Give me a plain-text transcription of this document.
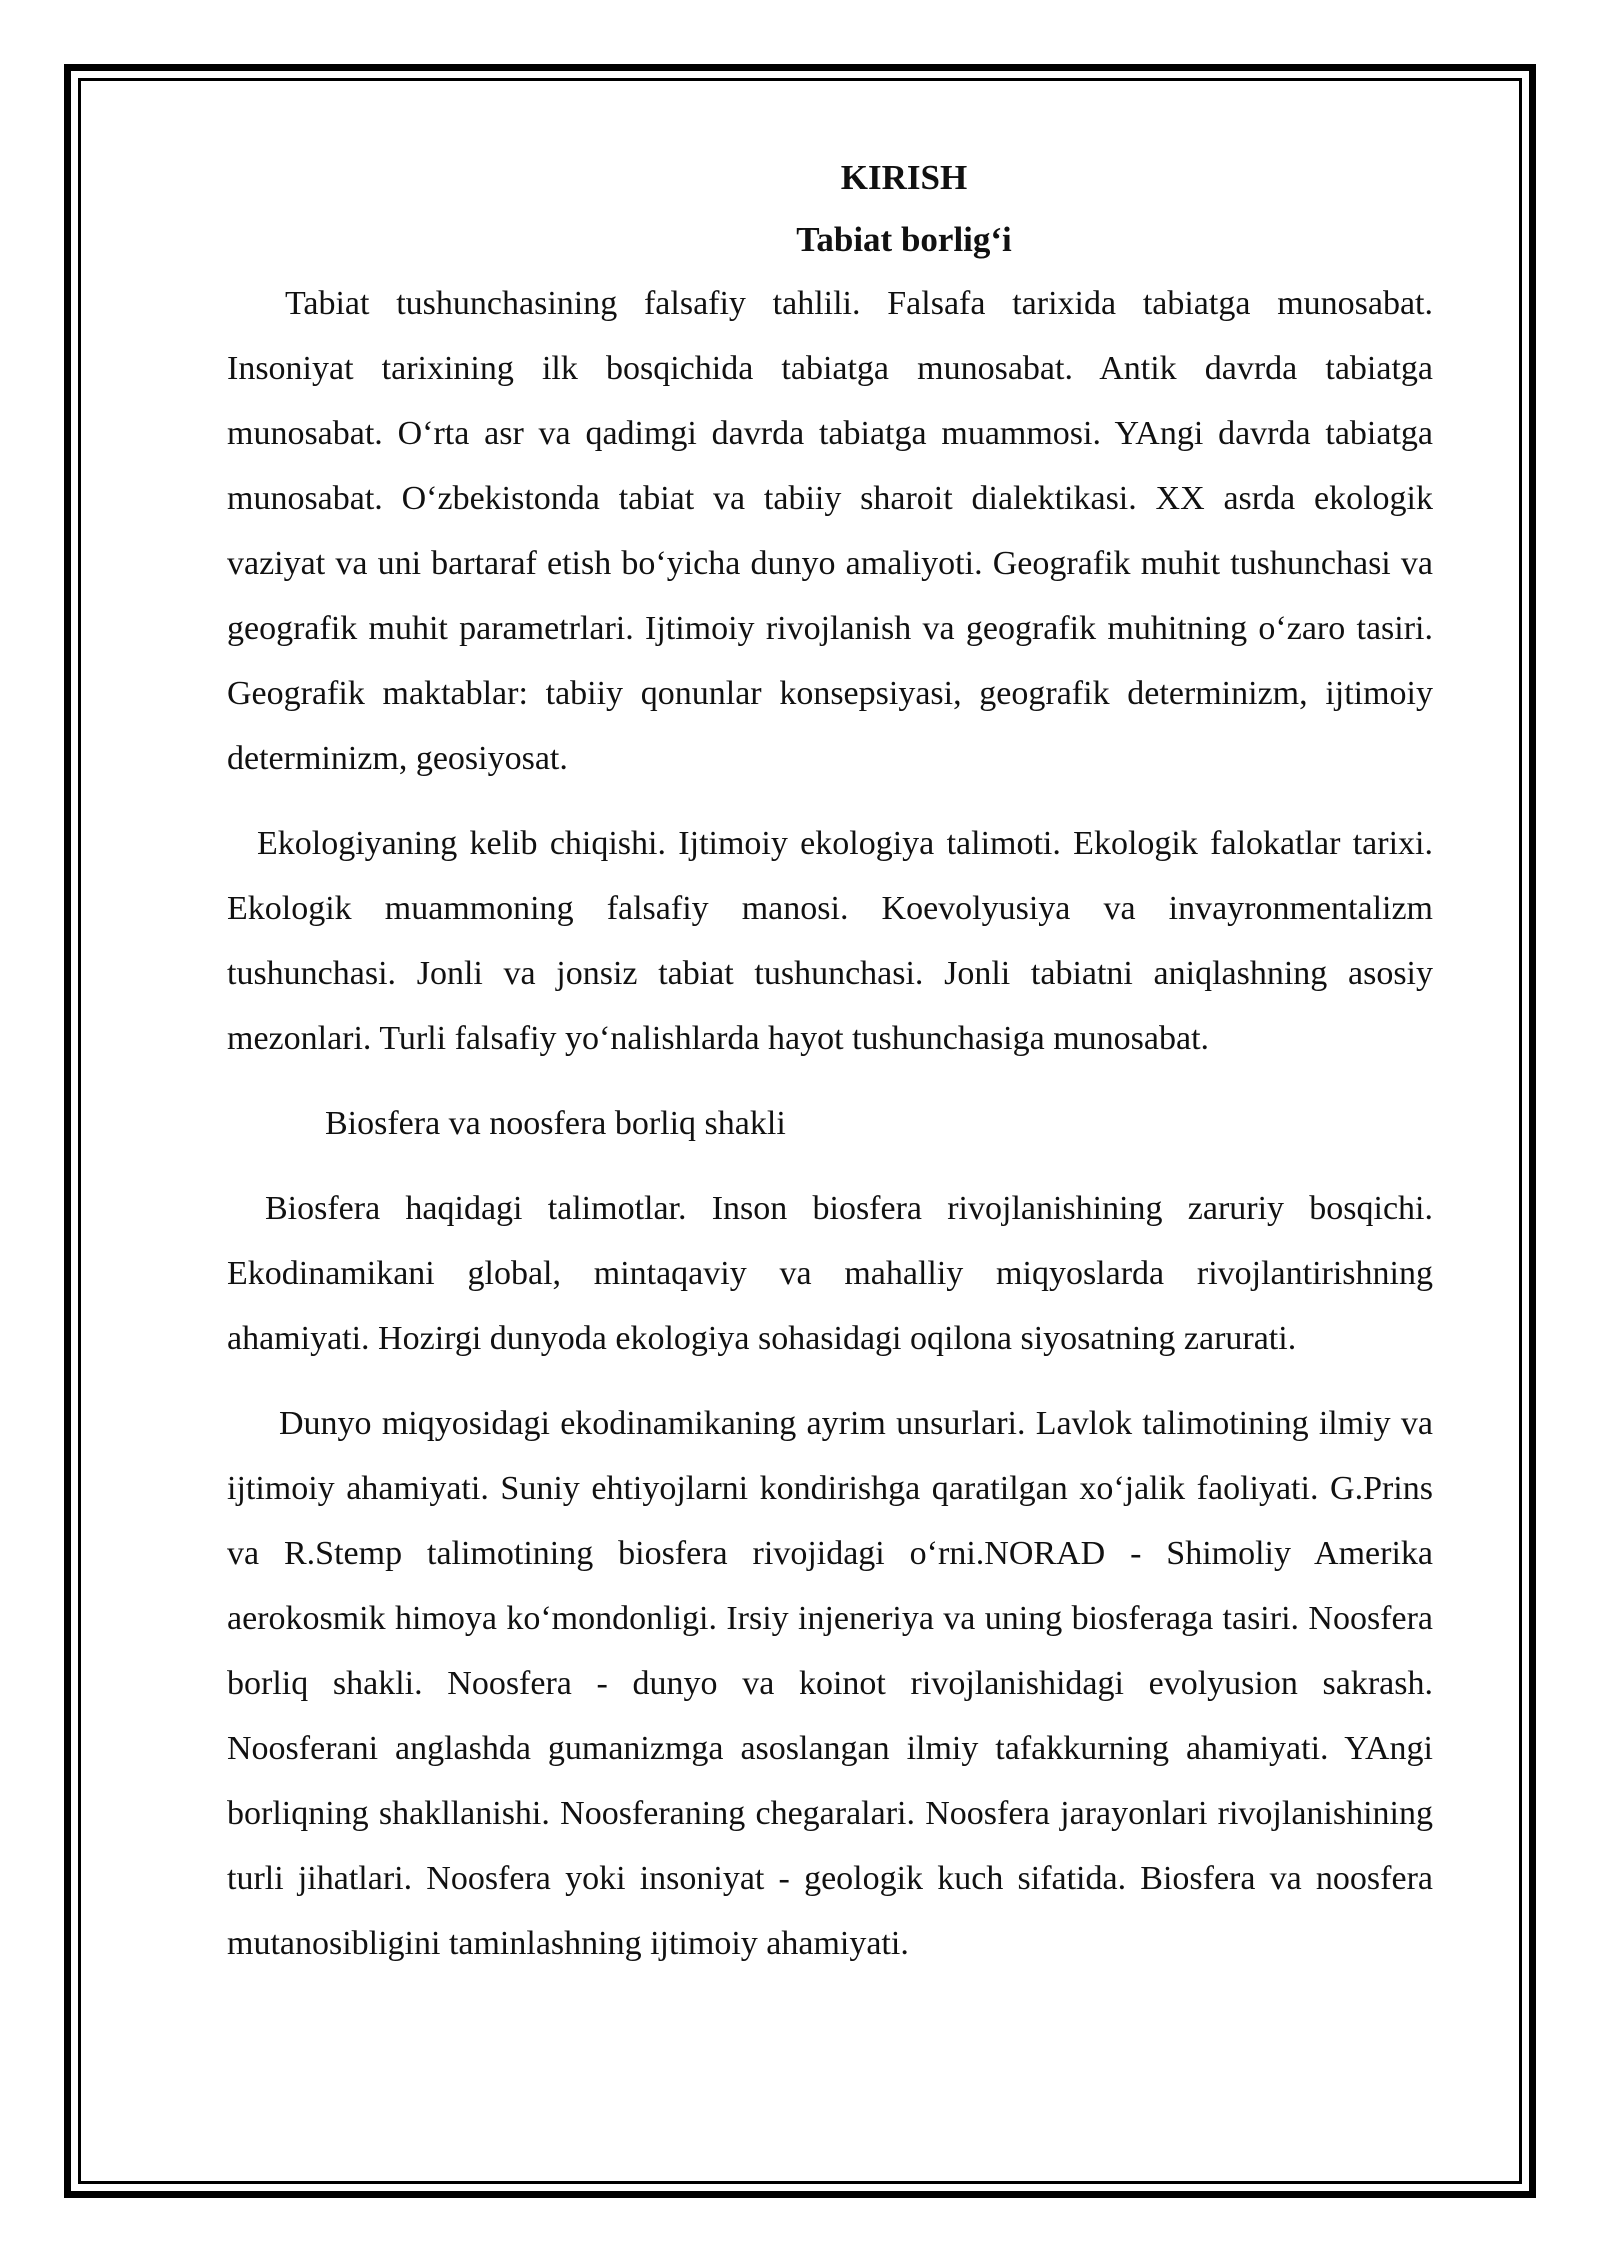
KIRISH
Tabiat borlig‘i

Tabiat tushunchasining falsafiy tahlili. Falsafa tarixida tabiatga munosabat. Insoniyat tarixining ilk bosqichida tabiatga munosabat. Antik davrda tabiatga munosabat. O‘rta asr va qadimgi davrda tabiatga muammosi. YAngi davrda tabiatga munosabat. O‘zbekistonda tabiat va tabiiy sharoit dialektikasi. XX asrda ekologik vaziyat va uni bartaraf etish bo‘yicha dunyo amaliyoti. Geografik muhit tushunchasi va geografik muhit parametrlari. Ijtimoiy rivojlanish va geografik muhitning o‘zaro tasiri. Geografik maktablar: tabiiy qonunlar konsepsiyasi, geografik determinizm, ijtimoiy determinizm, geosiyosat.

Ekologiyaning kelib chiqishi. Ijtimoiy ekologiya talimoti. Ekologik falokatlar tarixi. Ekologik muammoning falsafiy manosi. Koevolyusiya va invayronmentalizm tushunchasi. Jonli va jonsiz tabiat tushunchasi. Jonli tabiatni aniqlashning asosiy mezonlari. Turli falsafiy yo‘nalishlarda hayot tushunchasiga munosabat.

Biosfera va noosfera borliq shakli

Biosfera haqidagi talimotlar. Inson biosfera rivojlanishining zaruriy bosqichi. Ekodinamikani global, mintaqaviy va mahalliy miqyoslarda rivojlantirishning ahamiyati. Hozirgi dunyoda ekologiya sohasidagi oqilona siyosatning zarurati.

Dunyo miqyosidagi ekodinamikaning ayrim unsurlari. Lavlok talimotining ilmiy va ijtimoiy ahamiyati. Suniy ehtiyojlarni kondirishga qaratilgan xo‘jalik faoliyati. G.Prins va R.Stemp talimotining biosfera rivojidagi o‘rni.NORAD - Shimoliy Amerika aerokosmik himoya ko‘mondonligi. Irsiy injeneriya va uning biosferaga tasiri. Noosfera borliq shakli. Noosfera - dunyo va koinot rivojlanishidagi evolyusion sakrash. Noosferani anglashda gumanizmga asoslangan ilmiy tafakkurning ahamiyati. YAngi borliqning shakllanishi. Noosferaning chegaralari. Noosfera jarayonlari rivojlanishining turli jihatlari. Noosfera yoki insoniyat - geologik kuch sifatida. Biosfera va noosfera mutanosibligini taminlashning ijtimoiy ahamiyati.
